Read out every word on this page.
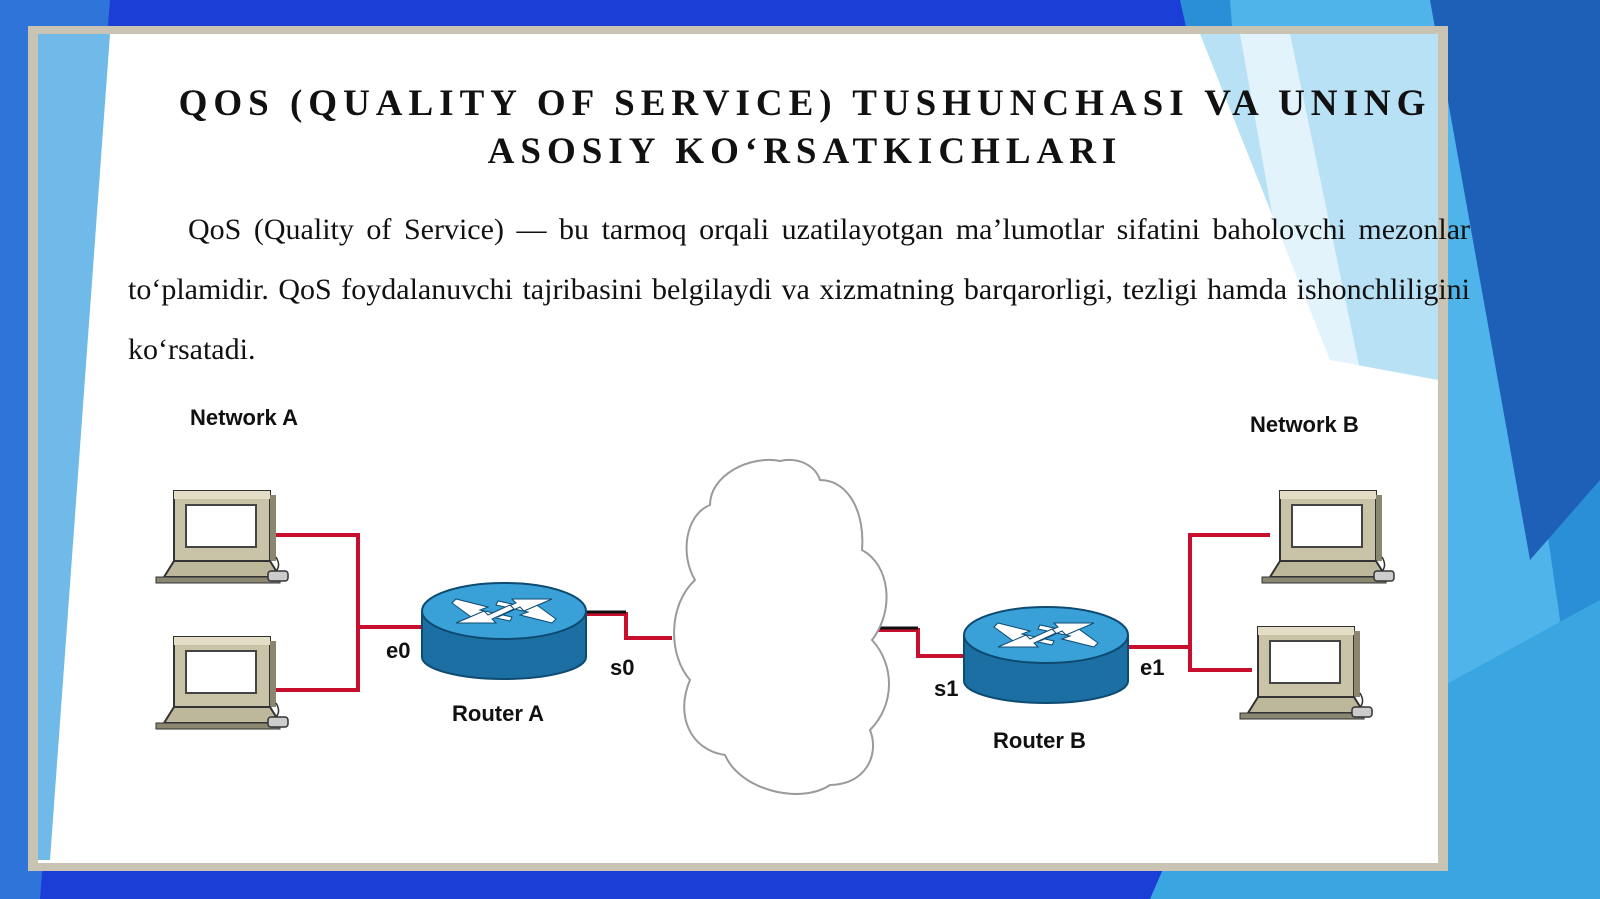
QOS (QUALITY OF SERVICE) TUSHUNCHASI VA UNING
ASOSIY KO‘RSATKICHLARI

QoS (Quality of Service) — bu tarmoq orqali uzatilayotgan ma’lumotlar sifatini baholovchi mezonlar to‘plamidir. QoS foydalanuvchi tajribasini belgilaydi va xizmatning barqarorligi, tezligi hamda ishonchliligini ko‘rsatadi.

Network A	Network B
Router A
Router B
e0
s0
s1
e1
